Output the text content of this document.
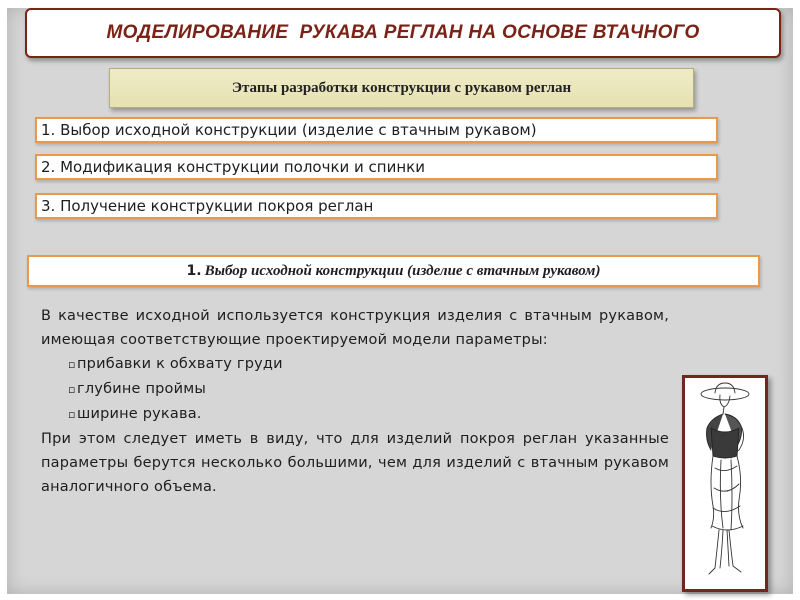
МОДЕЛИРОВАНИЕ  РУКАВА РЕГЛАН НА ОСНОВЕ ВТАЧНОГО
Этапы разработки конструкции с рукавом реглан
1. Выбор исходной конструкции (изделие с втачным рукавом)
2. Модификация конструкции полочки и спинки
3. Получение конструкции покроя реглан
1. Выбор исходной конструкции (изделие с втачным рукавом)

В качестве исходной используется конструкция изделия с втачным рукавом, имеющая соответствующие проектируемой модели параметры:

▫прибавки к обхвату груди
▫глубине проймы
▫ширине рукава.

При этом следует иметь в виду, что для изделий покроя реглан указанные параметры берутся несколько большими, чем для изделий с втачным рукавом аналогичного объема.
